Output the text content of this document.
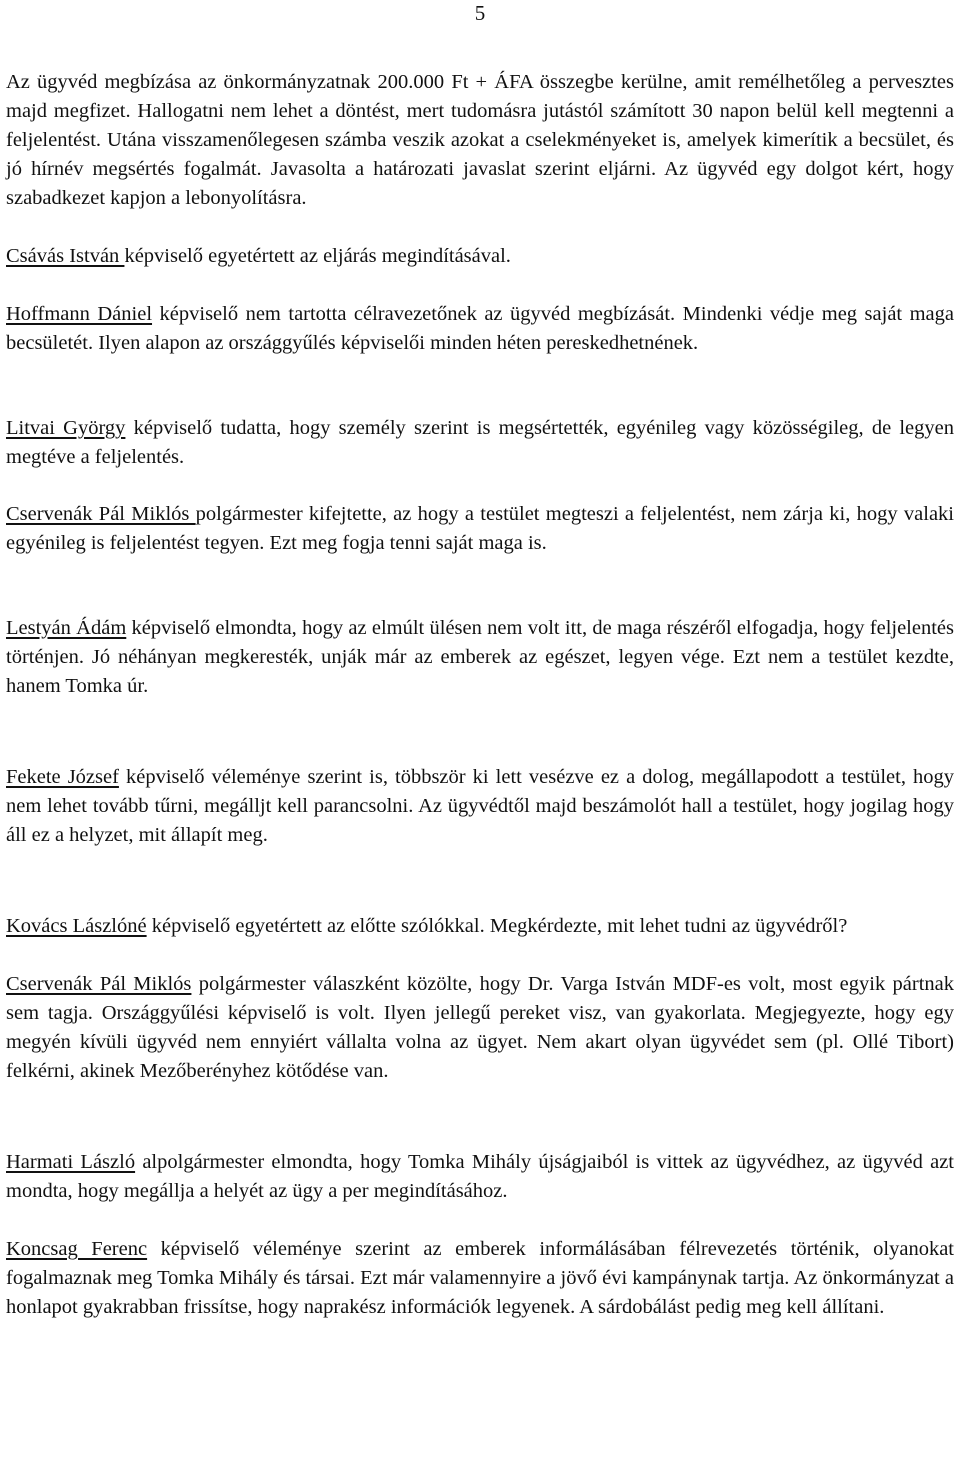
5

Az ügyvéd megbízása az önkormányzatnak 200.000 Ft + ÁFA összegbe kerülne, amit remélhetőleg a pervesztes majd megfizet. Hallogatni nem lehet a döntést, mert tudomásra jutástól számított 30 napon belül kell megtenni a feljelentést. Utána visszamenőlegesen számba veszik azokat a cselekményeket is, amelyek kimerítik a becsület, és jó hírnév megsértés fogalmát. Javasolta a határozati javaslat szerint eljárni. Az ügyvéd egy dolgot kért, hogy szabadkezet kapjon a lebonyolításra.

Csávás István képviselő egyetértett az eljárás megindításával.

Hoffmann Dániel képviselő nem tartotta célravezetőnek az ügyvéd megbízását. Mindenki védje meg saját maga becsületét. Ilyen alapon az országgyűlés képviselői minden héten pereskedhetnének.

Litvai György képviselő tudatta, hogy személy szerint is megsértették, egyénileg vagy közösségileg, de legyen megtéve a feljelentés.

Cservenák Pál Miklós polgármester kifejtette, az hogy a testület megteszi a feljelentést, nem zárja ki, hogy valaki egyénileg is feljelentést tegyen. Ezt meg fogja tenni saját maga is.

Lestyán Ádám képviselő elmondta, hogy az elmúlt ülésen nem volt itt, de maga részéről elfogadja, hogy feljelentés történjen. Jó néhányan megkeresték, unják már az emberek az egészet, legyen vége. Ezt nem a testület kezdte, hanem Tomka úr.

Fekete József képviselő véleménye szerint is, többször ki lett vesézve ez a dolog, megállapodott a testület, hogy nem lehet tovább tűrni, megálljt kell parancsolni. Az ügyvédtől majd beszámolót hall a testület, hogy jogilag hogy áll ez a helyzet, mit állapít meg.

Kovács Lászlóné képviselő egyetértett az előtte szólókkal. Megkérdezte, mit lehet tudni az ügyvédről?

Cservenák Pál Miklós polgármester válaszként közölte, hogy Dr. Varga István MDF-es volt, most egyik pártnak sem tagja. Országgyűlési képviselő is volt. Ilyen jellegű pereket visz, van gyakorlata. Megjegyezte, hogy egy megyén kívüli ügyvéd nem ennyiért vállalta volna az ügyet. Nem akart olyan ügyvédet sem (pl. Ollé Tibort) felkérni, akinek Mezőberényhez kötődése van.

Harmati László alpolgármester elmondta, hogy Tomka Mihály újságjaiból is vittek az ügyvédhez, az ügyvéd azt mondta, hogy megállja a helyét az ügy a per megindításához.

Koncsag Ferenc képviselő véleménye szerint az emberek informálásában félrevezetés történik, olyanokat fogalmaznak meg Tomka Mihály és társai. Ezt már valamennyire a jövő évi kampánynak tartja. Az önkormányzat a honlapot gyakrabban frissítse, hogy naprakész információk legyenek. A sárdobálást pedig meg kell állítani.
